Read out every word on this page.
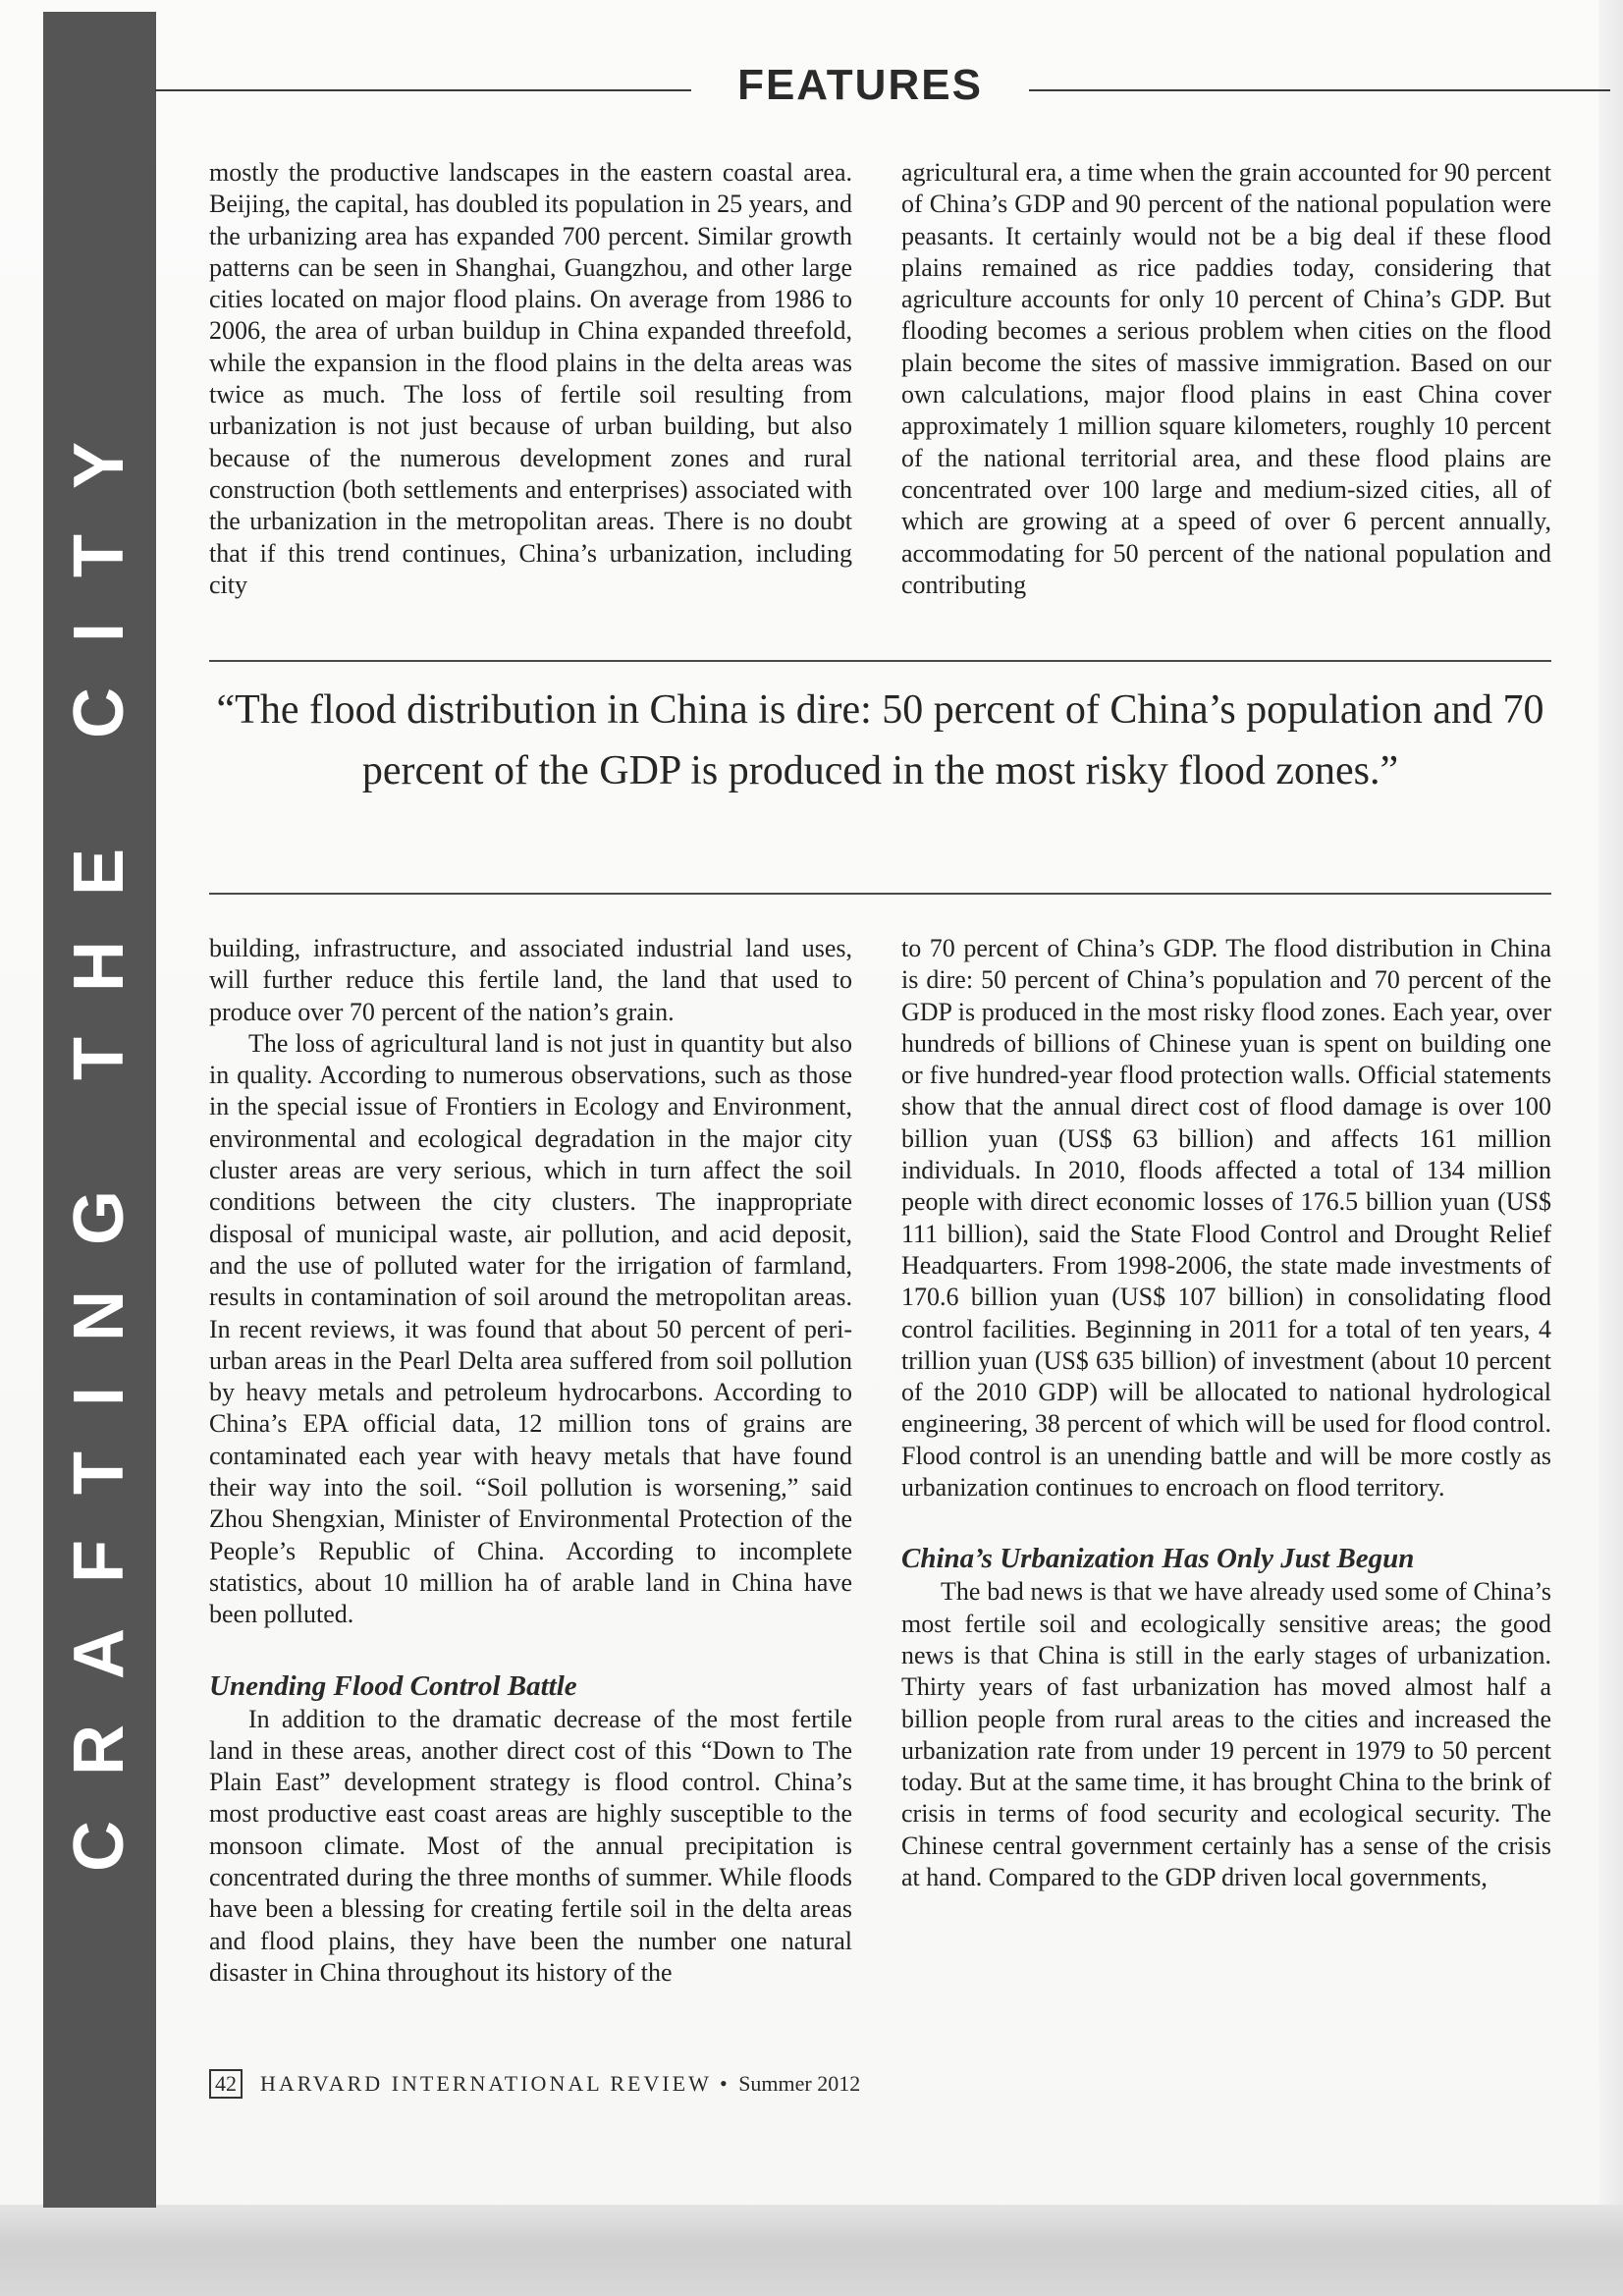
CRAFTING THE CITY
FEATURES

mostly the productive landscapes in the eastern coastal area. Beijing, the capital, has doubled its population in 25 years, and the urbanizing area has expanded 700 percent. Similar growth patterns can be seen in Shanghai, Guangzhou, and other large cities located on major flood plains. On average from 1986 to 2006, the area of urban buildup in China expanded threefold, while the expansion in the flood plains in the delta areas was twice as much. The loss of fertile soil resulting from urbanization is not just because of urban building, but also because of the numerous development zones and rural construction (both settlements and enterprises) associated with the urbanization in the metropolitan areas. There is no doubt that if this trend continues, China’s urbanization, including city

agricultural era, a time when the grain accounted for 90 percent of China’s GDP and 90 percent of the national population were peasants. It certainly would not be a big deal if these flood plains remained as rice paddies today, considering that agriculture accounts for only 10 percent of China’s GDP. But flooding becomes a serious problem when cities on the flood plain become the sites of massive immigration. Based on our own calculations, major flood plains in east China cover approximately 1 million square kilometers, roughly 10 percent of the national territorial area, and these flood plains are concentrated over 100 large and medium-sized cities, all of which are growing at a speed of over 6 percent annually, accommodating for 50 percent of the national population and contributing

“The flood distribution in China is dire: 50 percent of China’s population and 70 percent of the GDP is produced in the most risky flood zones.”

building, infrastructure, and associated industrial land uses, will further reduce this fertile land, the land that used to produce over 70 percent of the nation’s grain.

The loss of agricultural land is not just in quantity but also in quality. According to numerous observations, such as those in the special issue of Frontiers in Ecology and Environment, environmental and ecological degradation in the major city cluster areas are very serious, which in turn affect the soil conditions between the city clusters. The inappropriate disposal of municipal waste, air pollution, and acid deposit, and the use of polluted water for the irrigation of farmland, results in contamination of soil around the metropolitan areas. In recent reviews, it was found that about 50 percent of peri-urban areas in the Pearl Delta area suffered from soil pollution by heavy metals and petroleum hydrocarbons. According to China’s EPA official data, 12 million tons of grains are contaminated each year with heavy metals that have found their way into the soil. “Soil pollution is worsening,” said Zhou Shengxian, Minister of Environmental Protection of the People’s Republic of China. According to incomplete statistics, about 10 million ha of arable land in China have been polluted.

Unending Flood Control Battle

In addition to the dramatic decrease of the most fertile land in these areas, another direct cost of this “Down to The Plain East” development strategy is flood control. China’s most productive east coast areas are highly susceptible to the monsoon climate. Most of the annual precipitation is concentrated during the three months of summer. While floods have been a blessing for creating fertile soil in the delta areas and flood plains, they have been the number one natural disaster in China throughout its history of the

to 70 percent of China’s GDP. The flood distribution in China is dire: 50 percent of China’s population and 70 percent of the GDP is produced in the most risky flood zones. Each year, over hundreds of billions of Chinese yuan is spent on building one or five hundred-year flood protection walls. Official statements show that the annual direct cost of flood damage is over 100 billion yuan (US$ 63 billion) and affects 161 million individuals. In 2010, floods affected a total of 134 million people with direct economic losses of 176.5 billion yuan (US$ 111 billion), said the State Flood Control and Drought Relief Headquarters. From 1998-2006, the state made investments of 170.6 billion yuan (US$ 107 billion) in consolidating flood control facilities. Beginning in 2011 for a total of ten years, 4 trillion yuan (US$ 635 billion) of investment (about 10 percent of the 2010 GDP) will be allocated to national hydrological engineering, 38 percent of which will be used for flood control. Flood control is an unending battle and will be more costly as urbanization continues to encroach on flood territory.

China’s Urbanization Has Only Just Begun

The bad news is that we have already used some of China’s most fertile soil and ecologically sensitive areas; the good news is that China is still in the early stages of urbanization. Thirty years of fast urbanization has moved almost half a billion people from rural areas to the cities and increased the urbanization rate from under 19 percent in 1979 to 50 percent today. But at the same time, it has brought China to the brink of crisis in terms of food security and ecological security. The Chinese central government certainly has a sense of the crisis at hand. Compared to the GDP driven local governments,

42 HARVARD INTERNATIONAL REVIEW • Summer 2012
